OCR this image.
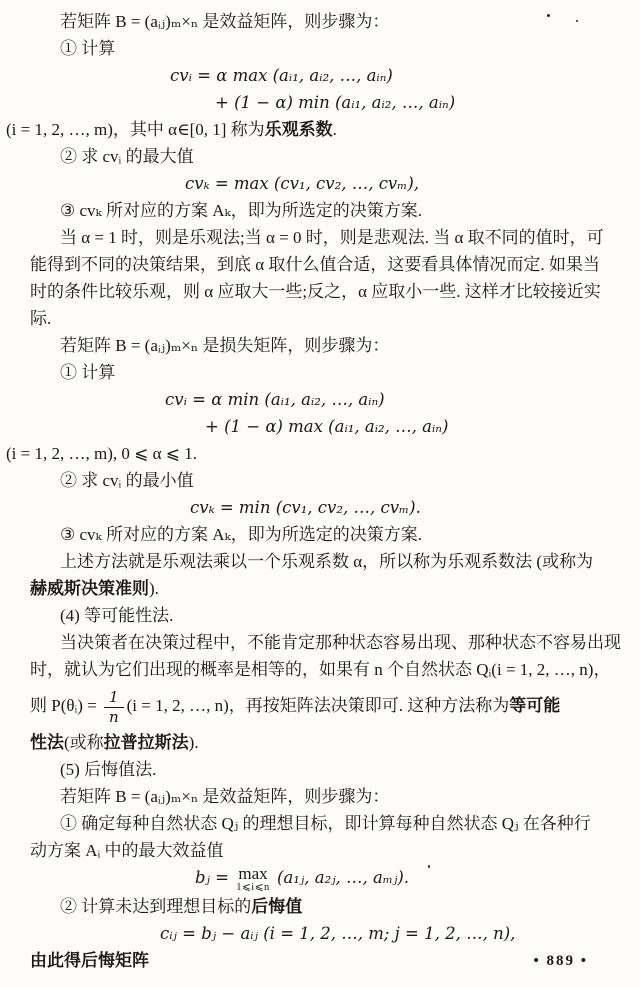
若矩阵 B = (aᵢⱼ)ₘ×ₙ 是效益矩阵，则步骤为：
① 计算
cvᵢ = α max (aᵢ₁, aᵢ₂, …, aᵢₙ)
+ (1 − α) min (aᵢ₁, aᵢ₂, …, aᵢₙ)
(i = 1, 2, …, m)，其中 α∈[0, 1] 称为乐观系数.
② 求 cvᵢ 的最大值
cvₖ = max (cv₁, cv₂, …, cvₘ),
③ cvₖ 所对应的方案 Aₖ，即为所选定的决策方案.
当 α = 1 时，则是乐观法;当 α = 0 时，则是悲观法. 当 α 取不同的值时，可
能得到不同的决策结果，到底 α 取什么值合适，这要看具体情况而定. 如果当
时的条件比较乐观，则 α 应取大一些;反之，α 应取小一些. 这样才比较接近实
际.
若矩阵 B = (aᵢⱼ)ₘ×ₙ 是损失矩阵，则步骤为：
① 计算
cvᵢ = α min (aᵢ₁, aᵢ₂, …, aᵢₙ)
+ (1 − α) max (aᵢ₁, aᵢ₂, …, aᵢₙ)
(i = 1, 2, …, m), 0 ⩽ α ⩽ 1.
② 求 cvᵢ 的最小值
cvₖ = min (cv₁, cv₂, …, cvₘ).
③ cvₖ 所对应的方案 Aₖ，即为所选定的决策方案.
上述方法就是乐观法乘以一个乐观系数 α，所以称为乐观系数法 (或称为
赫威斯决策准则).
(4) 等可能性法.
当决策者在决策过程中，不能肯定那种状态容易出现、那种状态不容易出现
时，就认为它们出现的概率是相等的，如果有 n 个自然状态 Qᵢ(i = 1, 2, …, n)，
则 P(θᵢ) = $\frac{1}{n} (i = 1$, 2, …, n)，再按矩阵法决策即可. 这种方法称为等可能
性法(或称拉普拉斯法).
(5) 后悔值法.
若矩阵 B = (aᵢⱼ)ₘ×ₙ 是效益矩阵，则步骤为：
① 确定每种自然状态 Qⱼ 的理想目标，即计算每种自然状态 Qⱼ 在各种行
动方案 Aᵢ 中的最大效益值
bⱼ = max
1⩽i⩽n
(a₁ⱼ, a₂ⱼ, …, aₘⱼ).
② 计算未达到理想目标的后悔值
cᵢⱼ = bⱼ − aᵢⱼ (i = 1, 2, …, m; j = 1, 2, …, n),
由此得后悔矩阵	• 889 •
